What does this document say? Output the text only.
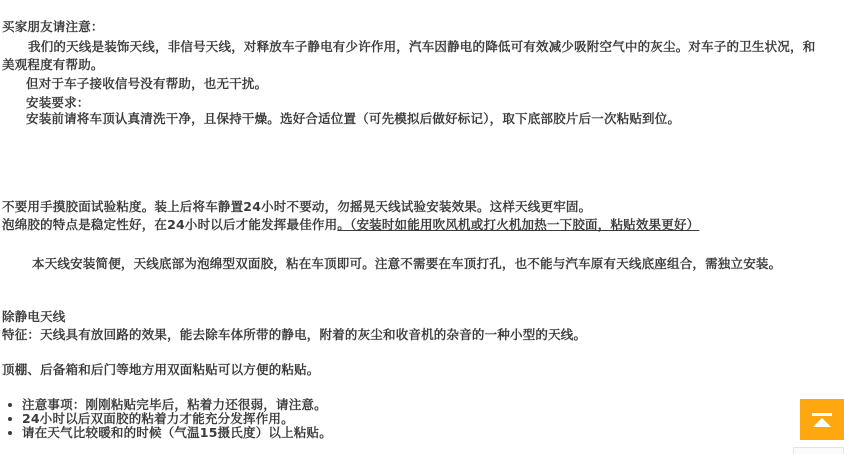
买家朋友请注意：
我们的天线是装饰天线，非信号天线，对释放车子静电有少许作用，汽车因静电的降低可有效减少吸附空气中的灰尘。对车子的卫生状况，和
美观程度有帮助。
但对于车子接收信号没有帮助，也无干扰。
安装要求：
安装前请将车顶认真清洗干净，且保持干燥。选好合适位置（可先模拟后做好标记），取下底部胶片后一次粘贴到位。
不要用手摸胶面试验粘度。装上后将车静置24小时不要动，勿摇晃天线试验安装效果。这样天线更牢固。
泡绵胶的特点是稳定性好，在24小时以后才能发挥最佳作用。（安装时如能用吹风机或打火机加热一下胶面，粘贴效果更好）
本天线安装简便，天线底部为泡绵型双面胶，粘在车顶即可。注意不需要在车顶打孔，也不能与汽车原有天线底座组合，需独立安装。
除静电天线
特征：天线具有放回路的效果，能去除车体所带的静电，附着的灰尘和收音机的杂音的一种小型的天线。
顶棚、后备箱和后门等地方用双面粘贴可以方便的粘贴。
注意事项：刚刚粘贴完毕后，粘着力还很弱，请注意。
24小时以后双面胶的粘着力才能充分发挥作用。
请在天气比较暖和的时候（气温15摄氏度）以上粘贴。
